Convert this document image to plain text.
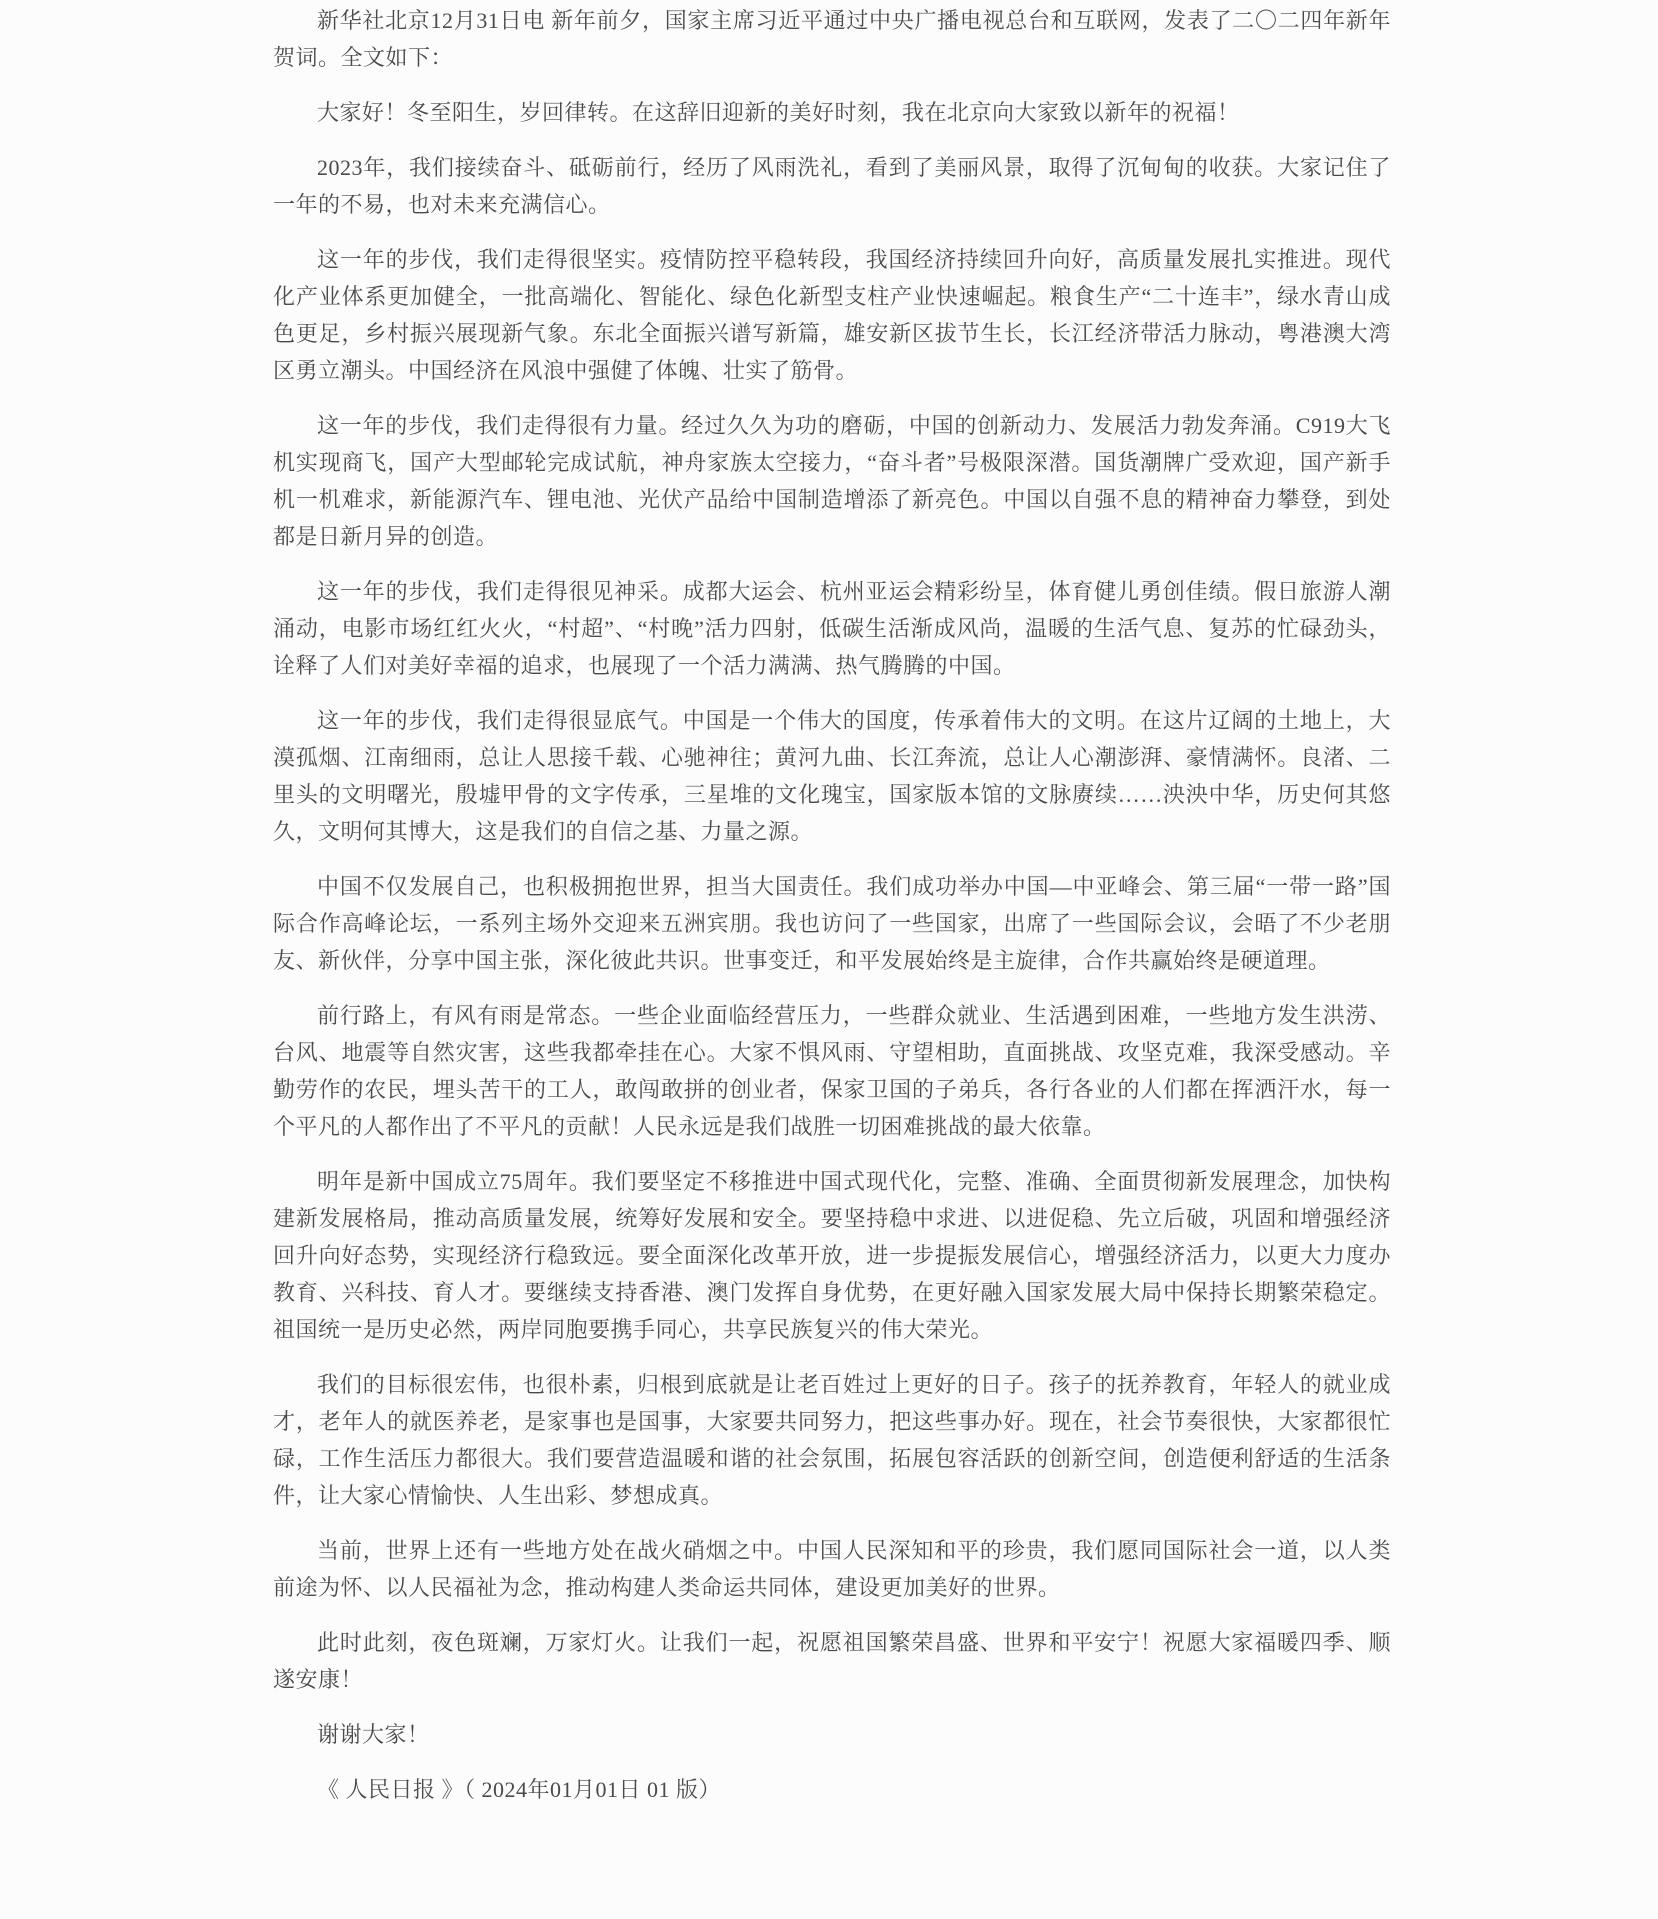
新华社北京12月31日电 新年前夕，国家主席习近平通过中央广播电视总台和互联网，发表了二〇二四年新年贺词。全文如下：

大家好！冬至阳生，岁回律转。在这辞旧迎新的美好时刻，我在北京向大家致以新年的祝福！

2023年，我们接续奋斗、砥砺前行，经历了风雨洗礼，看到了美丽风景，取得了沉甸甸的收获。大家记住了一年的不易，也对未来充满信心。

这一年的步伐，我们走得很坚实。疫情防控平稳转段，我国经济持续回升向好，高质量发展扎实推进。现代化产业体系更加健全，一批高端化、智能化、绿色化新型支柱产业快速崛起。粮食生产“二十连丰”，绿水青山成色更足，乡村振兴展现新气象。东北全面振兴谱写新篇，雄安新区拔节生长，长江经济带活力脉动，粤港澳大湾区勇立潮头。中国经济在风浪中强健了体魄、壮实了筋骨。

这一年的步伐，我们走得很有力量。经过久久为功的磨砺，中国的创新动力、发展活力勃发奔涌。C919大飞机实现商飞，国产大型邮轮完成试航，神舟家族太空接力，“奋斗者”号极限深潜。国货潮牌广受欢迎，国产新手机一机难求，新能源汽车、锂电池、光伏产品给中国制造增添了新亮色。中国以自强不息的精神奋力攀登，到处都是日新月异的创造。

这一年的步伐，我们走得很见神采。成都大运会、杭州亚运会精彩纷呈，体育健儿勇创佳绩。假日旅游人潮涌动，电影市场红红火火，“村超”、“村晚”活力四射，低碳生活渐成风尚，温暖的生活气息、复苏的忙碌劲头，诠释了人们对美好幸福的追求，也展现了一个活力满满、热气腾腾的中国。

这一年的步伐，我们走得很显底气。中国是一个伟大的国度，传承着伟大的文明。在这片辽阔的土地上，大漠孤烟、江南细雨，总让人思接千载、心驰神往；黄河九曲、长江奔流，总让人心潮澎湃、豪情满怀。良渚、二里头的文明曙光，殷墟甲骨的文字传承，三星堆的文化瑰宝，国家版本馆的文脉赓续……泱泱中华，历史何其悠久，文明何其博大，这是我们的自信之基、力量之源。

中国不仅发展自己，也积极拥抱世界，担当大国责任。我们成功举办中国—中亚峰会、第三届“一带一路”国际合作高峰论坛，一系列主场外交迎来五洲宾朋。我也访问了一些国家，出席了一些国际会议，会晤了不少老朋友、新伙伴，分享中国主张，深化彼此共识。世事变迁，和平发展始终是主旋律，合作共赢始终是硬道理。

前行路上，有风有雨是常态。一些企业面临经营压力，一些群众就业、生活遇到困难，一些地方发生洪涝、台风、地震等自然灾害，这些我都牵挂在心。大家不惧风雨、守望相助，直面挑战、攻坚克难，我深受感动。辛勤劳作的农民，埋头苦干的工人，敢闯敢拼的创业者，保家卫国的子弟兵，各行各业的人们都在挥洒汗水，每一个平凡的人都作出了不平凡的贡献！人民永远是我们战胜一切困难挑战的最大依靠。

明年是新中国成立75周年。我们要坚定不移推进中国式现代化，完整、准确、全面贯彻新发展理念，加快构建新发展格局，推动高质量发展，统筹好发展和安全。要坚持稳中求进、以进促稳、先立后破，巩固和增强经济回升向好态势，实现经济行稳致远。要全面深化改革开放，进一步提振发展信心，增强经济活力，以更大力度办教育、兴科技、育人才。要继续支持香港、澳门发挥自身优势，在更好融入国家发展大局中保持长期繁荣稳定。祖国统一是历史必然，两岸同胞要携手同心，共享民族复兴的伟大荣光。

我们的目标很宏伟，也很朴素，归根到底就是让老百姓过上更好的日子。孩子的抚养教育，年轻人的就业成才，老年人的就医养老，是家事也是国事，大家要共同努力，把这些事办好。现在，社会节奏很快，大家都很忙碌，工作生活压力都很大。我们要营造温暖和谐的社会氛围，拓展包容活跃的创新空间，创造便利舒适的生活条件，让大家心情愉快、人生出彩、梦想成真。

当前，世界上还有一些地方处在战火硝烟之中。中国人民深知和平的珍贵，我们愿同国际社会一道，以人类前途为怀、以人民福祉为念，推动构建人类命运共同体，建设更加美好的世界。

此时此刻，夜色斑斓，万家灯火。让我们一起，祝愿祖国繁荣昌盛、世界和平安宁！祝愿大家福暖四季、顺遂安康！

谢谢大家！

《 人民日报 》（ 2024年01月01日 01 版）
